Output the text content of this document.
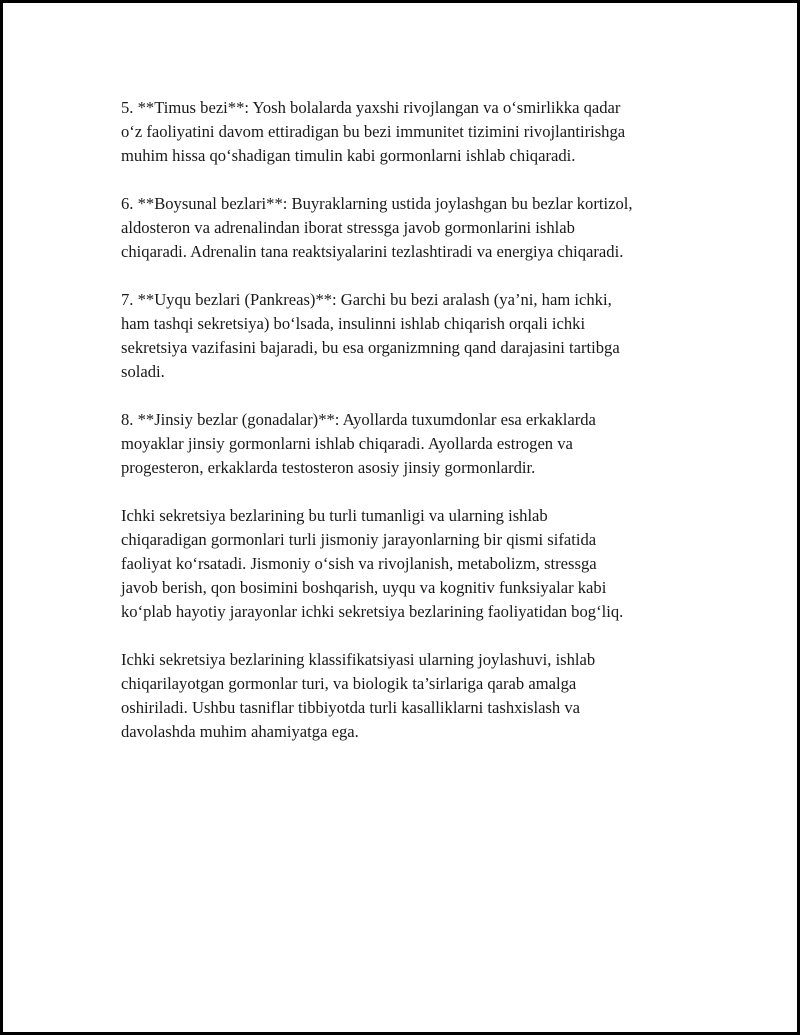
5. **Timus bezi**: Yosh bolalarda yaxshi rivojlangan va o‘smirlikka qadar
o‘z faoliyatini davom ettiradigan bu bezi immunitet tizimini rivojlantirishga
muhim hissa qo‘shadigan timulin kabi gormonlarni ishlab chiqaradi.

6. **Boysunal bezlari**: Buyraklarning ustida joylashgan bu bezlar kortizol,
aldosteron va adrenalindan iborat stressga javob gormonlarini ishlab
chiqaradi. Adrenalin tana reaktsiyalarini tezlashtiradi va energiya chiqaradi.

7. **Uyqu bezlari (Pankreas)**: Garchi bu bezi aralash (ya’ni, ham ichki,
ham tashqi sekretsiya) bo‘lsada, insulinni ishlab chiqarish orqali ichki
sekretsiya vazifasini bajaradi, bu esa organizmning qand darajasini tartibga
soladi.

8. **Jinsiy bezlar (gonadalar)**: Ayollarda tuxumdonlar esa erkaklarda
moyaklar jinsiy gormonlarni ishlab chiqaradi. Ayollarda estrogen va
progesteron, erkaklarda testosteron asosiy jinsiy gormonlardir.

Ichki sekretsiya bezlarining bu turli tumanligi va ularning ishlab
chiqaradigan gormonlari turli jismoniy jarayonlarning bir qismi sifatida
faoliyat ko‘rsatadi. Jismoniy o‘sish va rivojlanish, metabolizm, stressga
javob berish, qon bosimini boshqarish, uyqu va kognitiv funksiyalar kabi
ko‘plab hayotiy jarayonlar ichki sekretsiya bezlarining faoliyatidan bog‘liq.

Ichki sekretsiya bezlarining klassifikatsiyasi ularning joylashuvi, ishlab
chiqarilayotgan gormonlar turi, va biologik ta’sirlariga qarab amalga
oshiriladi. Ushbu tasniflar tibbiyotda turli kasalliklarni tashxislash va
davolashda muhim ahamiyatga ega.
